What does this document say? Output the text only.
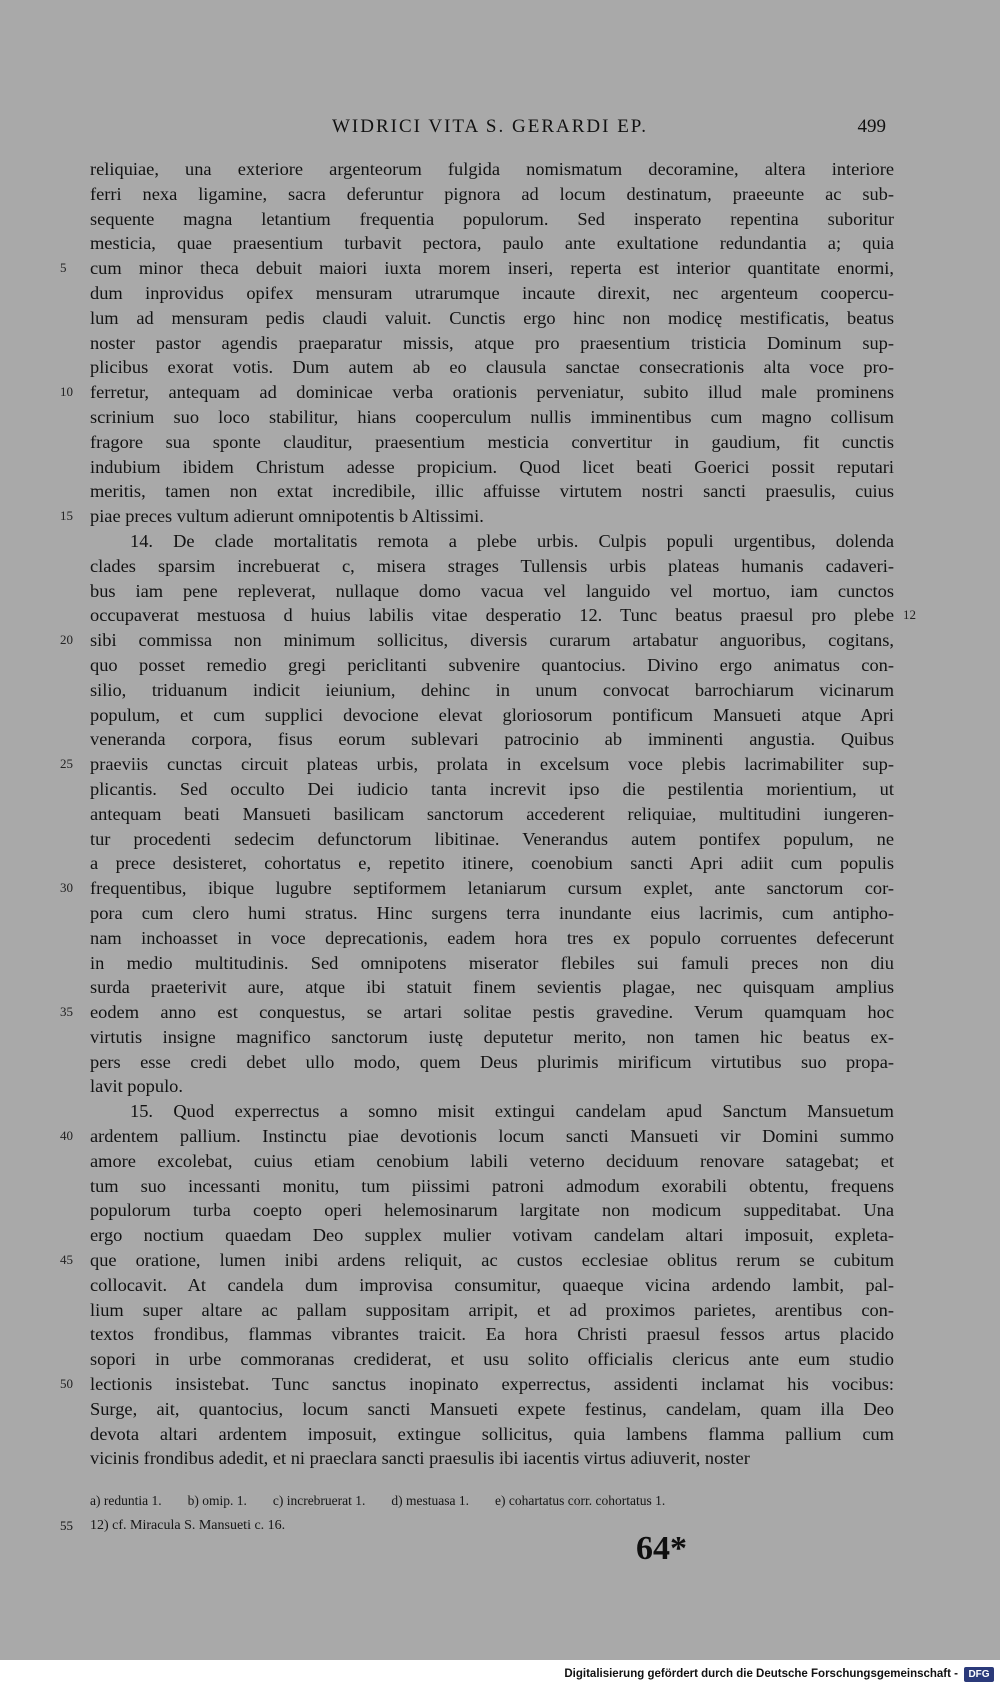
WIDRICI VITA S. GERARDI EP.	499
reliquiae, una exteriore argenteorum fulgida nomismatum decoramine, altera interiore
ferri nexa ligamine, sacra deferuntur pignora ad locum destinatum, praeeunte ac sub-
sequente magna letantium frequentia populorum. Sed insperato repentina suboritur
mesticia, quae praesentium turbavit pectora, paulo ante exultatione redundantia a; quia
5 cum minor theca debuit maiori iuxta morem inseri, reperta est interior quantitate enormi,
dum inprovidus opifex mensuram utrarumque incaute direxit, nec argenteum coopercu-
lum ad mensuram pedis claudi valuit. Cunctis ergo hinc non modicę mestificatis, beatus
noster pastor agendis praeparatur missis, atque pro praesentium tristicia Dominum sup-
plicibus exorat votis. Dum autem ab eo clausula sanctae consecrationis alta voce pro-
10 ferretur, antequam ad dominicae verba orationis perveniatur, subito illud male prominens
scrinium suo loco stabilitur, hians cooperculum nullis imminentibus cum magno collisum
fragore sua sponte clauditur, praesentium mesticia convertitur in gaudium, fit cunctis
indubium ibidem Christum adesse propicium. Quod licet beati Goerici possit reputari
meritis, tamen non extat incredibile, illic affuisse virtutem nostri sancti praesulis, cuius
15 piae preces vultum adierunt omnipotentis b Altissimi.
14. De clade mortalitatis remota a plebe urbis. Culpis populi urgentibus, dolenda
clades sparsim increbuerat c, misera strages Tullensis urbis plateas humanis cadaveri-
bus iam pene repleverat, nullaque domo vacua vel languido vel mortuo, iam cunctos
12
occupaverat mestuosa d huius labilis vitae desperatio 12. Tunc beatus praesul pro plebe
20 sibi commissa non minimum sollicitus, diversis curarum artabatur anguoribus, cogitans,
quo posset remedio gregi periclitanti subvenire quantocius. Divino ergo animatus con-
silio, triduanum indicit ieiunium, dehinc in unum convocat barrochiarum vicinarum
populum, et cum supplici devocione elevat gloriosorum pontificum Mansueti atque Apri
veneranda corpora, fisus eorum sublevari patrocinio ab imminenti angustia. Quibus
25 praeviis cunctas circuit plateas urbis, prolata in excelsum voce plebis lacrimabiliter sup-
plicantis. Sed occulto Dei iudicio tanta increvit ipso die pestilentia morientium, ut
antequam beati Mansueti basilicam sanctorum accederent reliquiae, multitudini iungeren-
tur procedenti sedecim defunctorum libitinae. Venerandus autem pontifex populum, ne
a prece desisteret, cohortatus e, repetito itinere, coenobium sancti Apri adiit cum populis
30 frequentibus, ibique lugubre septiformem letaniarum cursum explet, ante sanctorum cor-
pora cum clero humi stratus. Hinc surgens terra inundante eius lacrimis, cum antipho-
nam inchoasset in voce deprecationis, eadem hora tres ex populo corruentes defecerunt
in medio multitudinis. Sed omnipotens miserator flebiles sui famuli preces non diu
surda praeterivit aure, atque ibi statuit finem sevientis plagae, nec quisquam amplius
35 eodem anno est conquestus, se artari solitae pestis gravedine. Verum quamquam hoc
virtutis insigne magnifico sanctorum iustę deputetur merito, non tamen hic beatus ex-
pers esse credi debet ullo modo, quem Deus plurimis mirificum virtutibus suo propa-
lavit populo.
15. Quod experrectus a somno misit extingui candelam apud Sanctum Mansuetum
40 ardentem pallium. Instinctu piae devotionis locum sancti Mansueti vir Domini summo
amore excolebat, cuius etiam cenobium labili veterno deciduum renovare satagebat; et
tum suo incessanti monitu, tum piissimi patroni admodum exorabili obtentu, frequens
populorum turba coepto operi helemosinarum largitate non modicum suppeditabat. Una
ergo noctium quaedam Deo supplex mulier votivam candelam altari imposuit, expleta-
45 que oratione, lumen inibi ardens reliquit, ac custos ecclesiae oblitus rerum se cubitum
collocavit. At candela dum improvisa consumitur, quaeque vicina ardendo lambit, pal-
lium super altare ac pallam suppositam arripit, et ad proximos parietes, arentibus con-
textos frondibus, flammas vibrantes traicit. Ea hora Christi praesul fessos artus placido
sopori in urbe commoranas crediderat, et usu solito officialis clericus ante eum studio
50 lectionis insistebat. Tunc sanctus inopinato experrectus, assidenti inclamat his vocibus:
Surge, ait, quantocius, locum sancti Mansueti expete festinus, candelam, quam illa Deo
devota altari ardentem imposuit, extingue sollicitus, quia lambens flamma pallium cum
vicinis frondibus adedit, et ni praeclara sancti praesulis ibi iacentis virtus adiuverit, noster
a) reduntia 1. b) omip. 1. c) increbruerat 1. d) mestuasa 1. e) cohartatus corr. cohortatus 1.
55 12) cf. Miracula S. Mansueti c. 16.
64*
Digitalisierung gefördert durch die Deutsche Forschungsgemeinschaft -	DFG
